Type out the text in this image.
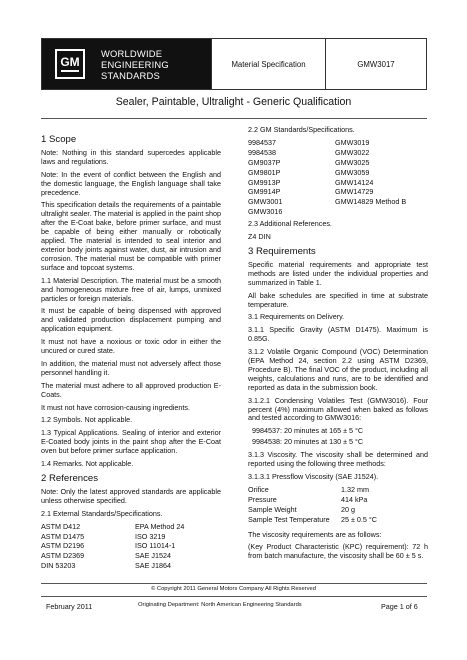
GM
WORLDWIDE
ENGINEERING
STANDARDS
Material Specification	GMW3017
Sealer, Paintable, Ultralight - Generic Qualification
1 Scope

Note: Nothing in this standard supercedes applicable laws and regulations.

Note: In the event of conflict between the English and the domestic language, the English language shall take precedence.

This specification details the requirements of a paintable ultralight sealer. The material is applied in the paint shop after the E-Coat bake, before primer surface, and must be capable of being either manually or robotically applied. The material is intended to seal interior and exterior body joints against water, dust, air intrusion and corrosion. The material must be compatible with primer surface and topcoat systems.

1.1 Material Description. The material must be a smooth and homogeneous mixture free of air, lumps, unmixed particles or foreign materials.

It must be capable of being dispensed with approved and validated production displacement pumping and application equipment.

It must not have a noxious or toxic odor in either the uncured or cured state.

In addition, the material must not adversely affect those personnel handling it.

The material must adhere to all approved production E-Coats.

It must not have corrosion-causing ingredients.

1.2 Symbols. Not applicable.

1.3 Typical Applications. Sealing of interior and exterior E-Coated body joints in the paint shop after the E-Coat oven but before primer surface application.

1.4 Remarks. Not applicable.

2 References

Note: Only the latest approved standards are applicable unless otherwise specified.

2.1 External Standards/Specifications.

ASTM D412	EPA Method 24
ASTM D1475	ISO 3219
ASTM D2196	ISO 11014-1
ASTM D2369	SAE J1524
DIN 53203	SAE J1864

2.2 GM Standards/Specifications.

9984537	GMW3019
9984538	GMW3022
GM9037P	GMW3025
GM9801P	GMW3059
GM9913P	GMW14124
GM9914P	GMW14729
GMW3001	GMW14829 Method B
GMW3016

2.3 Additional References.

Z4 DIN

3 Requirements

Specific material requirements and appropriate test methods are listed under the individual properties and summarized in Table 1.

All bake schedules are specified in time at substrate temperature.

3.1 Requirements on Delivery.

3.1.1 Specific Gravity (ASTM D1475). Maximum is 0.85G.

3.1.2 Volatile Organic Compound (VOC) Determination (EPA Method 24, section 2.2 using ASTM D2369, Procedure B). The final VOC of the product, including all weights, calculations and runs, are to be identified and reported as data in the submission book.

3.1.2.1 Condensing Volatiles Test (GMW3016). Four percent (4%) maximum allowed when baked as follows and tested according to GMW3016:

9984537: 20 minutes at 165 ± 5 °C

9984538: 20 minutes at 130 ± 5 °C

3.1.3 Viscosity. The viscosity shall be determined and reported using the following three methods:

3.1.3.1 Pressflow Viscosity (SAE J1524).

Orifice	1.32 mm
Pressure	414 kPa
Sample Weight	20 g
Sample Test Temperature	25 ± 0.5 °C

The viscosity requirements are as follows:

(Key Product Characteristic (KPC) requirement): 72 h from batch manufacture, the viscosity shall be 60 ± 5 s.

© Copyright 2011 General Motors Company All Rights Reserved
February 2011	Originating Department: North American Engineering Standards	Page 1 of 6
